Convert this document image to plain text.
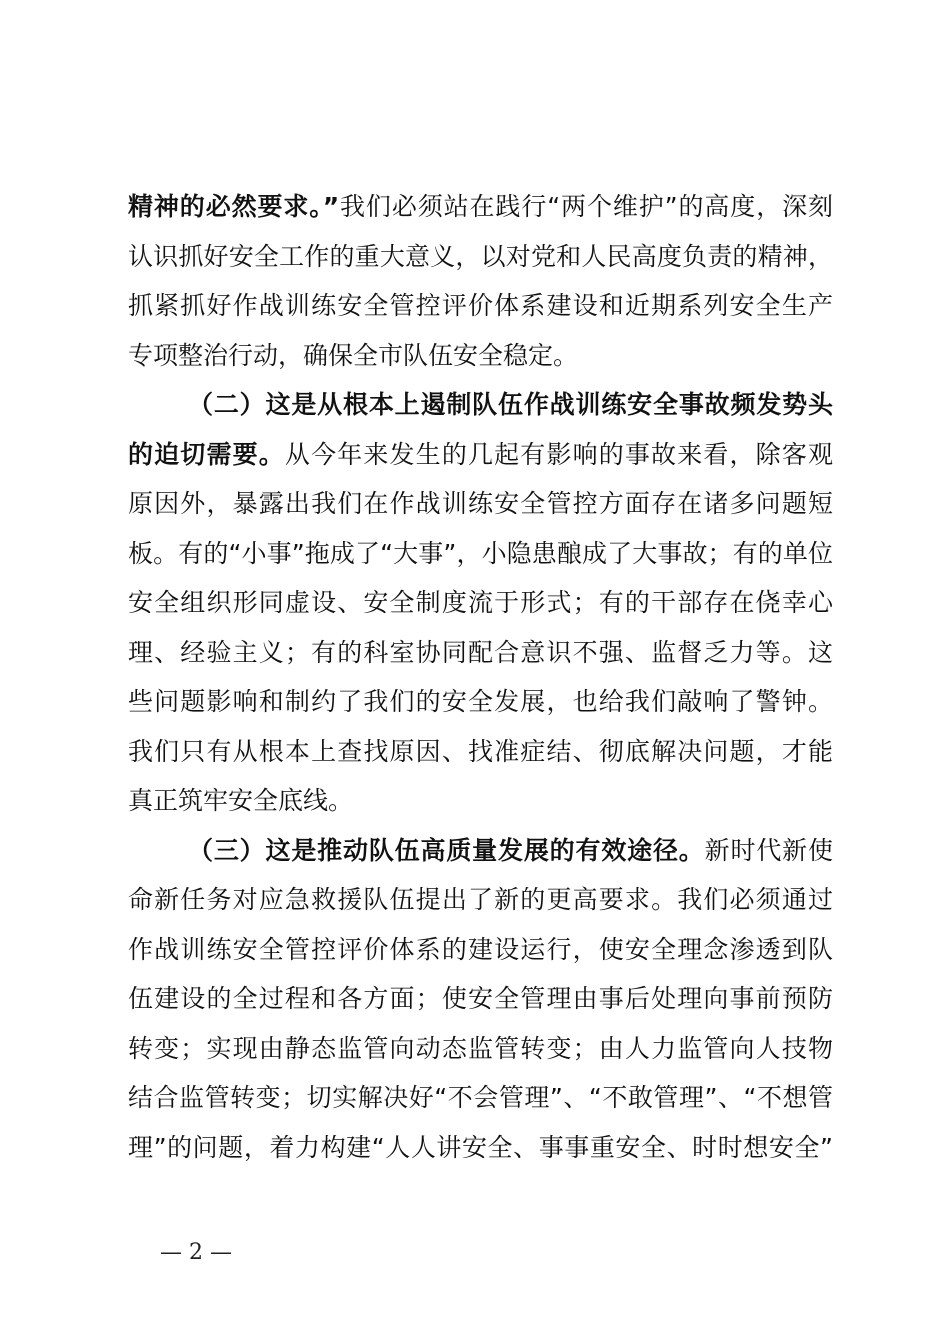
精神的必然要求。”我们必须站在践行“两个维护”的高度，深刻
认识抓好安全工作的重大意义，以对党和人民高度负责的精神，
抓紧抓好作战训练安全管控评价体系建设和近期系列安全生产
专项整治行动，确保全市队伍安全稳定。
（二）这是从根本上遏制队伍作战训练安全事故频发势头
的迫切需要。从今年来发生的几起有影响的事故来看，除客观
原因外，暴露出我们在作战训练安全管控方面存在诸多问题短
板。有的“小事”拖成了“大事”，小隐患酿成了大事故；有的单位
安全组织形同虚设、安全制度流于形式；有的干部存在侥幸心
理、经验主义；有的科室协同配合意识不强、监督乏力等。这
些问题影响和制约了我们的安全发展，也给我们敲响了警钟。
我们只有从根本上查找原因、找准症结、彻底解决问题，才能
真正筑牢安全底线。
（三）这是推动队伍高质量发展的有效途径。新时代新使
命新任务对应急救援队伍提出了新的更高要求。我们必须通过
作战训练安全管控评价体系的建设运行，使安全理念渗透到队
伍建设的全过程和各方面；使安全管理由事后处理向事前预防
转变；实现由静态监管向动态监管转变；由人力监管向人技物
结合监管转变；切实解决好“不会管理”、“不敢管理”、“不想管
理”的问题，着力构建“人人讲安全、事事重安全、时时想安全”
— 2 —
